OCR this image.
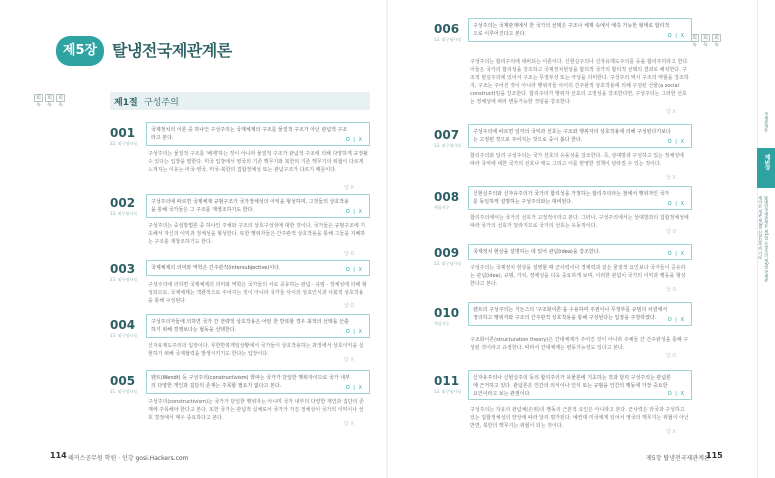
회독
회독
회독
제5장 탈냉전국제관계론
제1절 구성주의
001
22. 외무영사직
국제정치의 이론 중 하나인 구성주의는 국제체제의 구조를 물질적 구조가 아닌 관념적 구조라고 본다.	O | X
구성주의는 물질적 구조를 '배제'하는 것이 아니라 물질적 구조가 관념적 구조에 의해 다양하게 규정될 수 있다는 입장을 말한다. 미국 입장에서 영국의 기존 핵무기와 북한의 기존 핵무기의 위협이 다르게 느껴지는 이유는 미국-영국, 미국-북한의 집합정체성 또는 관념구조가 다르기 때문이다.
답 X
002
13. 외무영사직
구성주의에 따르면 국제체제 규범구조가 국가정체성의 이익을 형성하며, 그것들의 상호작용을 통해 국가들은 그 구조를 재생조하기도 한다.	O | X
구성주의는 중심방법론 중 하나인 주체와 구조의 상호구성성에 대한 것이다. 국가들은 규범구조에 기초해서 자신의 이익과 정체성을 형성한다. 또한 행위자들은 간주관적 상호작용을 통해 그들을 지배하는 구조를 재창조하기도 한다.
답 O
003
23. 외무영사직
국제체제의 의미와 역학은 간주관적(intersubjective)이다.	O | X
구성주의에 의하면 국제체제의 의미와 역학은 국가들의 서로 공유하는 관념 · 규범 · 정체성에 의해 형성되므로, 국제체제는 객관적으로 주어지는 것이 아니라 국가들 사이의 상호인식과 사회적 상호작용을 통해 구성된다.
답 O
004
13. 외무영사직
구성주의자들에 의하면 국가 간 전략적 상호작용은 어떤 한 반복할 경우 최적의 선택을 산출하기 위해 경쟁보다는 협동을 선택한다.	O | X
신자유제도주의의 입장이다. 무한반복게임상황에서 국가들이 상호작용하는 과정에서 상호이익을 실현하기 위해 국제협력을 발생시키기도 한다는 입장이다.
답 X
005
11. 외무영사직
웬트(Wendt) 등 구성주의(constructivism) 학파는 국가가 단일한 행위자이므로 국가 내부의 다양한 개인과 집단의 존재는 주목할 필요가 없다고 본다.	O | X
구성주의(constructivism)는 국가가 단일한 행위자는 아니며 국가 내부의 다양한 개인과 집단의 존재에 주목해야 한다고 본다. 또한 국가는 관념적 실체로서 국가가 가진 정체성이 국가의 이익이나 선호 결정에서 매우 중요하다고 본다.
답 X
114 해커스공무원 학원 · 인강 gosi.Hackers.com
회독
회독
회독
006
13. 외무영사직
구성주의는 국제관계에서 한 국가의 선택은 구조나 체제 속에서 예측 가능한 형태로 합리적으로 이루어진다고 본다.	O | X
구성주의는 합리주의에 대비되는 이론이다. 신현실주의나 신자유제도주의를 등을 합리주의라고 한다. 이들은 국가의 합리성을 강조하고 국제정치현상을 합리적 국가의 합리적 선택의 결과로 해석한다. 구조적 현실주의에 있어서 구조는 무정부성 또는 극성을 의미한다. 구성주의 역시 구조의 역할을 강조하지, 구조는 주어진 것이 아니라 행위자들 사이의 간주관적 상호작용에 의해 구성된 산물(a social construct)임을 강조한다. 합리주의가 행위자 선호의 고정성을 강조한다면, 구성주의는 그러한 선호는 정체성에 따라 변동가능한 것임을 강조한다.
답 X
007
13. 외무영사직
구성주의에 따르면 일각의 국익과 선호는 구조와 행위자의 상호작용에 의해 구성된다기보다는 고정된 것으로 주어지는 것으로 중시 봅다 한다.	O | X
합리주의와 달리 구성주의는 국가 선호의 유동성을 강조한다. 즉, 상대방과 구성하고 있는 정체성에 따라 국익에 대한 국가의 선호나 태도 그리고 이를 반영한 정책이 달라질 수 있는 것이다.
답 X
008
핵심지문
신현실주의와 신자유주의가 국가의 합리성을 가정하는 합리주의라는 점에서 행위자인 국가를 동일하게 설명하는 구성주의와는 대비된다.	O | X
합리주의에서는 국가의 선호가 고정적이라고 본다. 그러나, 구성주의에서는 상대방과의 집합정체성에 따라 국가의 선호가 달라지므로 국가의 선호는 유동적이다.
답 O
009
23. 외무영사직
국제정치 현상을 설명하는 데 있어 관념(idea)을 강조한다.	O | X
구성주의는 국제정치 현상을 설명할 때 군사력이나 경제력과 같은 물질적 요인보다 국가들이 공유하는 관념(idea), 규범, 가치, 정체성을 더욱 중요하게 보며, 이러한 관념이 국가의 이익과 행동을 형성한다고 본다.
답 O
010
핵심지문
웬트의 구성주의는 기든스의 '구조화이론'을 수용하여 주권이나 무정부를 규범의 차원에서 정의하고 행위자와 구조의 간주관적 상호작용을 통해 구성된다는 입장을 주장하였다.	O | X
구조화이론(structuration theory)은 간대체계가 주어진 것이 아니라 주체들 간 간주관성을 통해 구성된 것이라고 규정한다. 따라서 간대체계는 변동가능성도 있다고 본다.
답 O
011
13. 외무영사직
신자유주의나 신현실주의 등의 합리주의가 유물론에 기초하는 것과 달리 구성주의는 관념론에 근거하고 있다. 관념론은 인간의 의식이나 인식 또는 규범을 인간의 행동에 가장 중요한 요인이라고 보는 관점이다.	O | X
구성주의는 자유의 관념체(손위)의 행동의 근본적 요인은 아니라고 본다. 군사력은 타국과 구성하고 있는 집합정체성의 양상에 따라 달리 평가된다. 예컨대 미국에게 있어서 영국의 핵무기는 위협이 아닌 반면, 북한의 핵무기는 위협이 되는 것이다.
답 X
제5장 탈냉전국제관계론
115
국제관계론
제5장
탈냉전국제관계론 제1절 구성주의 제2절 국제관계이론 개관 제3절 신현실주의 기타
